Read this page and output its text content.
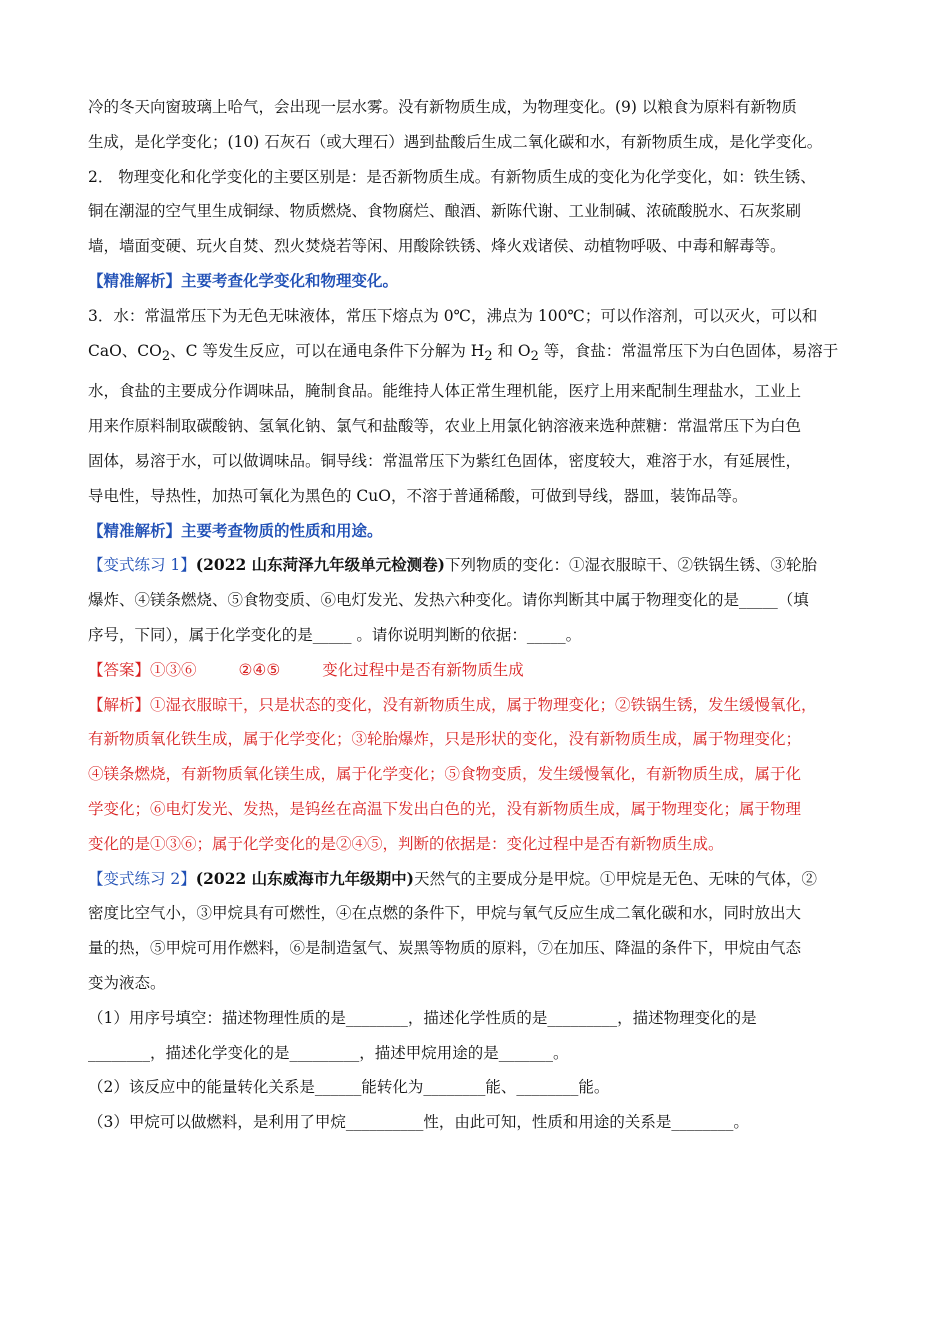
冷的冬天向窗玻璃上哈气，会出现一层水雾。没有新物质生成，为物理变化。(9) 以粮食为原料有新物质

生成，是化学变化；(10) 石灰石（或大理石）遇到盐酸后生成二氧化碳和水，有新物质生成，是化学变化。

2． 物理变化和化学变化的主要区别是：是否新物质生成。有新物质生成的变化为化学变化，如：铁生锈、

铜在潮湿的空气里生成铜绿、物质燃烧、食物腐烂、酿酒、新陈代谢、工业制碱、浓硫酸脱水、石灰浆刷

墙，墙面变硬、玩火自焚、烈火焚烧若等闲、用酸除铁锈、烽火戏诸侯、动植物呼吸、中毒和解毒等。

【精准解析】主要考查化学变化和物理变化。

3．水：常温常压下为无色无味液体，常压下熔点为 0℃，沸点为 100℃；可以作溶剂，可以灭火，可以和

CaO、$CO_2$、C 等发生反应，可以在通电条件下分解为 $H_2$ 和 $O_2$ 等，食盐：常温常压下为白色固体，易溶于

水，食盐的主要成分作调味品，腌制食品。能维持人体正常生理机能，医疗上用来配制生理盐水，工业上

用来作原料制取碳酸钠、氢氧化钠、氯气和盐酸等，农业上用氯化钠溶液来选种蔗糖：常温常压下为白色

固体，易溶于水，可以做调味品。铜导线：常温常压下为紫红色固体，密度较大，难溶于水，有延展性，

导电性，导热性，加热可氧化为黑色的 CuO，不溶于普通稀酸，可做到导线，器皿，装饰品等。

【精准解析】主要考查物质的性质和用途。

【变式练习 1】(2022 山东菏泽九年级单元检测卷)下列物质的变化：①湿衣服晾干、②铁锅生锈、③轮胎

爆炸、④镁条燃烧、⑤食物变质、⑥电灯发光、发热六种变化。请你判断其中属于物理变化的是_____（填

序号，下同），属于化学变化的是_____ 。请你说明判断的依据：_____。

【答案】①③⑥	②④⑤	变化过程中是否有新物质生成

【解析】①湿衣服晾干，只是状态的变化，没有新物质生成，属于物理变化；②铁锅生锈，发生缓慢氧化，

有新物质氧化铁生成，属于化学变化；③轮胎爆炸，只是形状的变化，没有新物质生成，属于物理变化；

④镁条燃烧，有新物质氧化镁生成，属于化学变化；⑤食物变质，发生缓慢氧化，有新物质生成，属于化

学变化；⑥电灯发光、发热，是钨丝在高温下发出白色的光，没有新物质生成，属于物理变化；属于物理

变化的是①③⑥；属于化学变化的是②④⑤，判断的依据是：变化过程中是否有新物质生成。

【变式练习 2】(2022 山东威海市九年级期中)天然气的主要成分是甲烷。①甲烷是无色、无味的气体，②

密度比空气小，③甲烷具有可燃性，④在点燃的条件下，甲烷与氧气反应生成二氧化碳和水，同时放出大

量的热，⑤甲烷可用作燃料，⑥是制造氢气、炭黑等物质的原料，⑦在加压、降温的条件下，甲烷由气态

变为液态。

（1）用序号填空：描述物理性质的是________，描述化学性质的是_________，描述物理变化的是

________，描述化学变化的是_________，描述甲烷用途的是_______。

（2）该反应中的能量转化关系是______能转化为________能、________能。

（3）甲烷可以做燃料，是利用了甲烷__________性，由此可知，性质和用途的关系是________。
